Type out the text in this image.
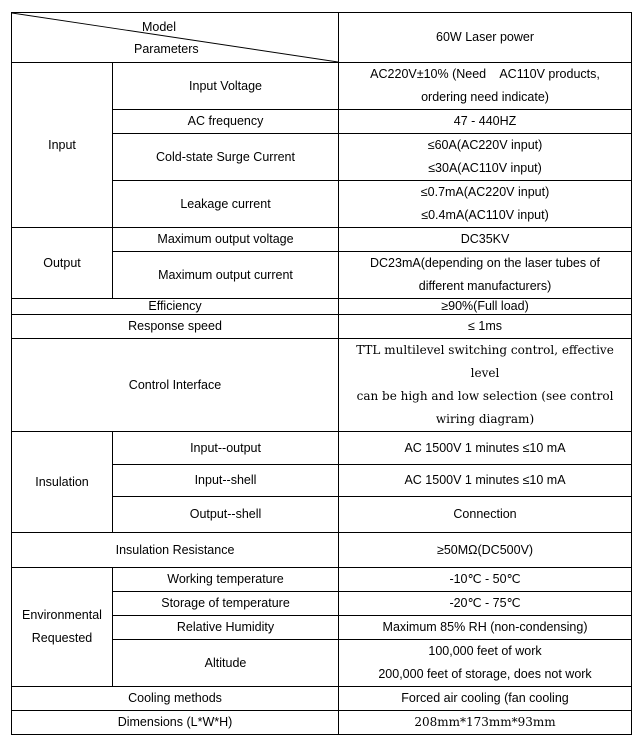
Model
Parameters		60W Laser power
Input	Input Voltage	AC220V±10% (Need    AC110V products,
ordering need indicate)

	AC frequency	47 - 440HZ
	Cold-state Surge Current	≤60A(AC220V input)
≤30A(AC110V input)

	Leakage current	≤0.7mA(AC220V input)
≤0.4mA(AC110V input)

Output	Maximum output voltage	DC35KV
	Maximum output current	DC23mA(depending on the laser tubes of
different manufacturers)

Efficiency		≥90%(Full load)
Response speed		≤ 1ms
Control Interface		TTL multilevel switching control, effective level
can be high and low selection (see control
wiring diagram)

Insulation	Input--output	AC 1500V 1 minutes ≤10 mA
	Input--shell	AC 1500V 1 minutes ≤10 mA
	Output--shell	Connection
Insulation Resistance		≥50MΩ(DC500V)

Environmental
Requested	Working temperature	-10℃ - 50℃
	Storage of temperature	-20℃ - 75℃
	Relative Humidity	Maximum 85% RH (non-condensing)
	Altitude	100,000 feet of work
200,000 feet of storage, does not work

Cooling methods		Forced air cooling (fan cooling
Dimensions (L*W*H)		208mm*173mm*93mm
